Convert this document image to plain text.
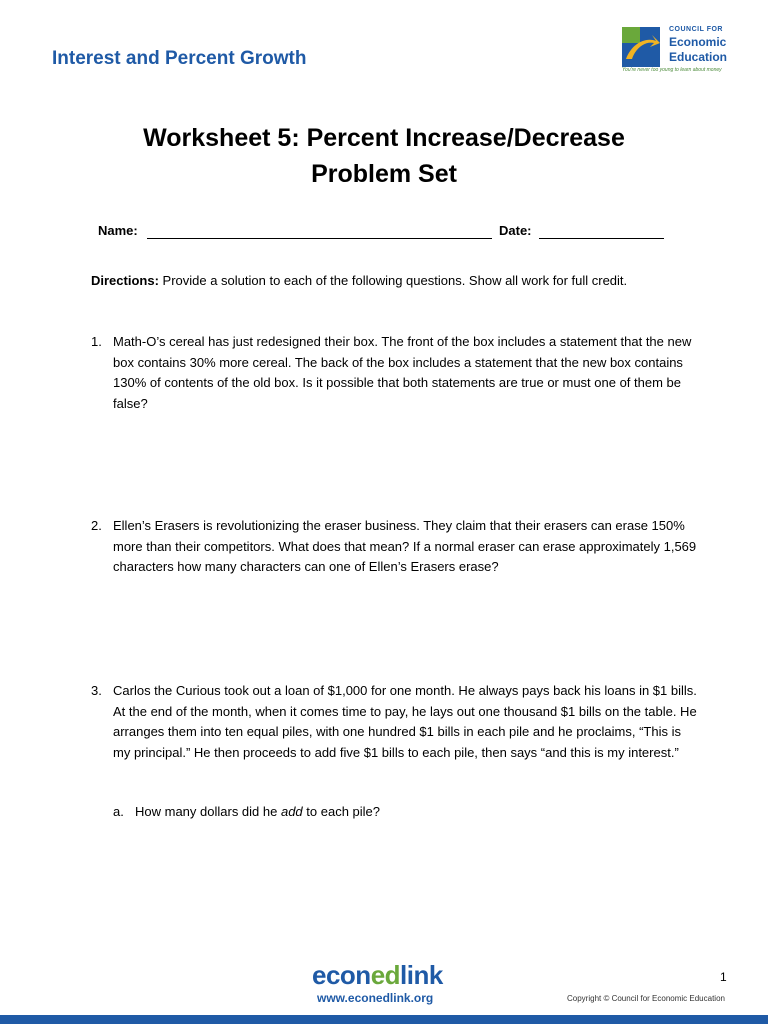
Interest and Percent Growth
COUNCIL FOR
Economic
Education
You're never too young to learn about money
Worksheet 5: Percent Increase/Decrease
Problem Set
Name:	Date:
Directions: Provide a solution to each of the following questions. Show all work for full credit.
1. Math-O’s cereal has just redesigned their box. The front of the box includes a statement that the new box contains 30% more cereal. The back of the box includes a statement that the new box contains 130% of contents of the old box. Is it possible that both statements are true or must one of them be false?
2. Ellen’s Erasers is revolutionizing the eraser business. They claim that their erasers can erase 150% more than their competitors. What does that mean? If a normal eraser can erase approximately 1,569 characters how many characters can one of Ellen’s Erasers erase?
3. Carlos the Curious took out a loan of $1,000 for one month. He always pays back his loans in $1 bills. At the end of the month, when it comes time to pay, he lays out one thousand $1 bills on the table. He arranges them into ten equal piles, with one hundred $1 bills in each pile and he proclaims, “This is my principal.” He then proceeds to add five $1 bills to each pile, then says “and this is my interest.”
a. How many dollars did he add to each pile?
econedlink
www.econedlink.org
1
Copyright © Council for Economic Education
